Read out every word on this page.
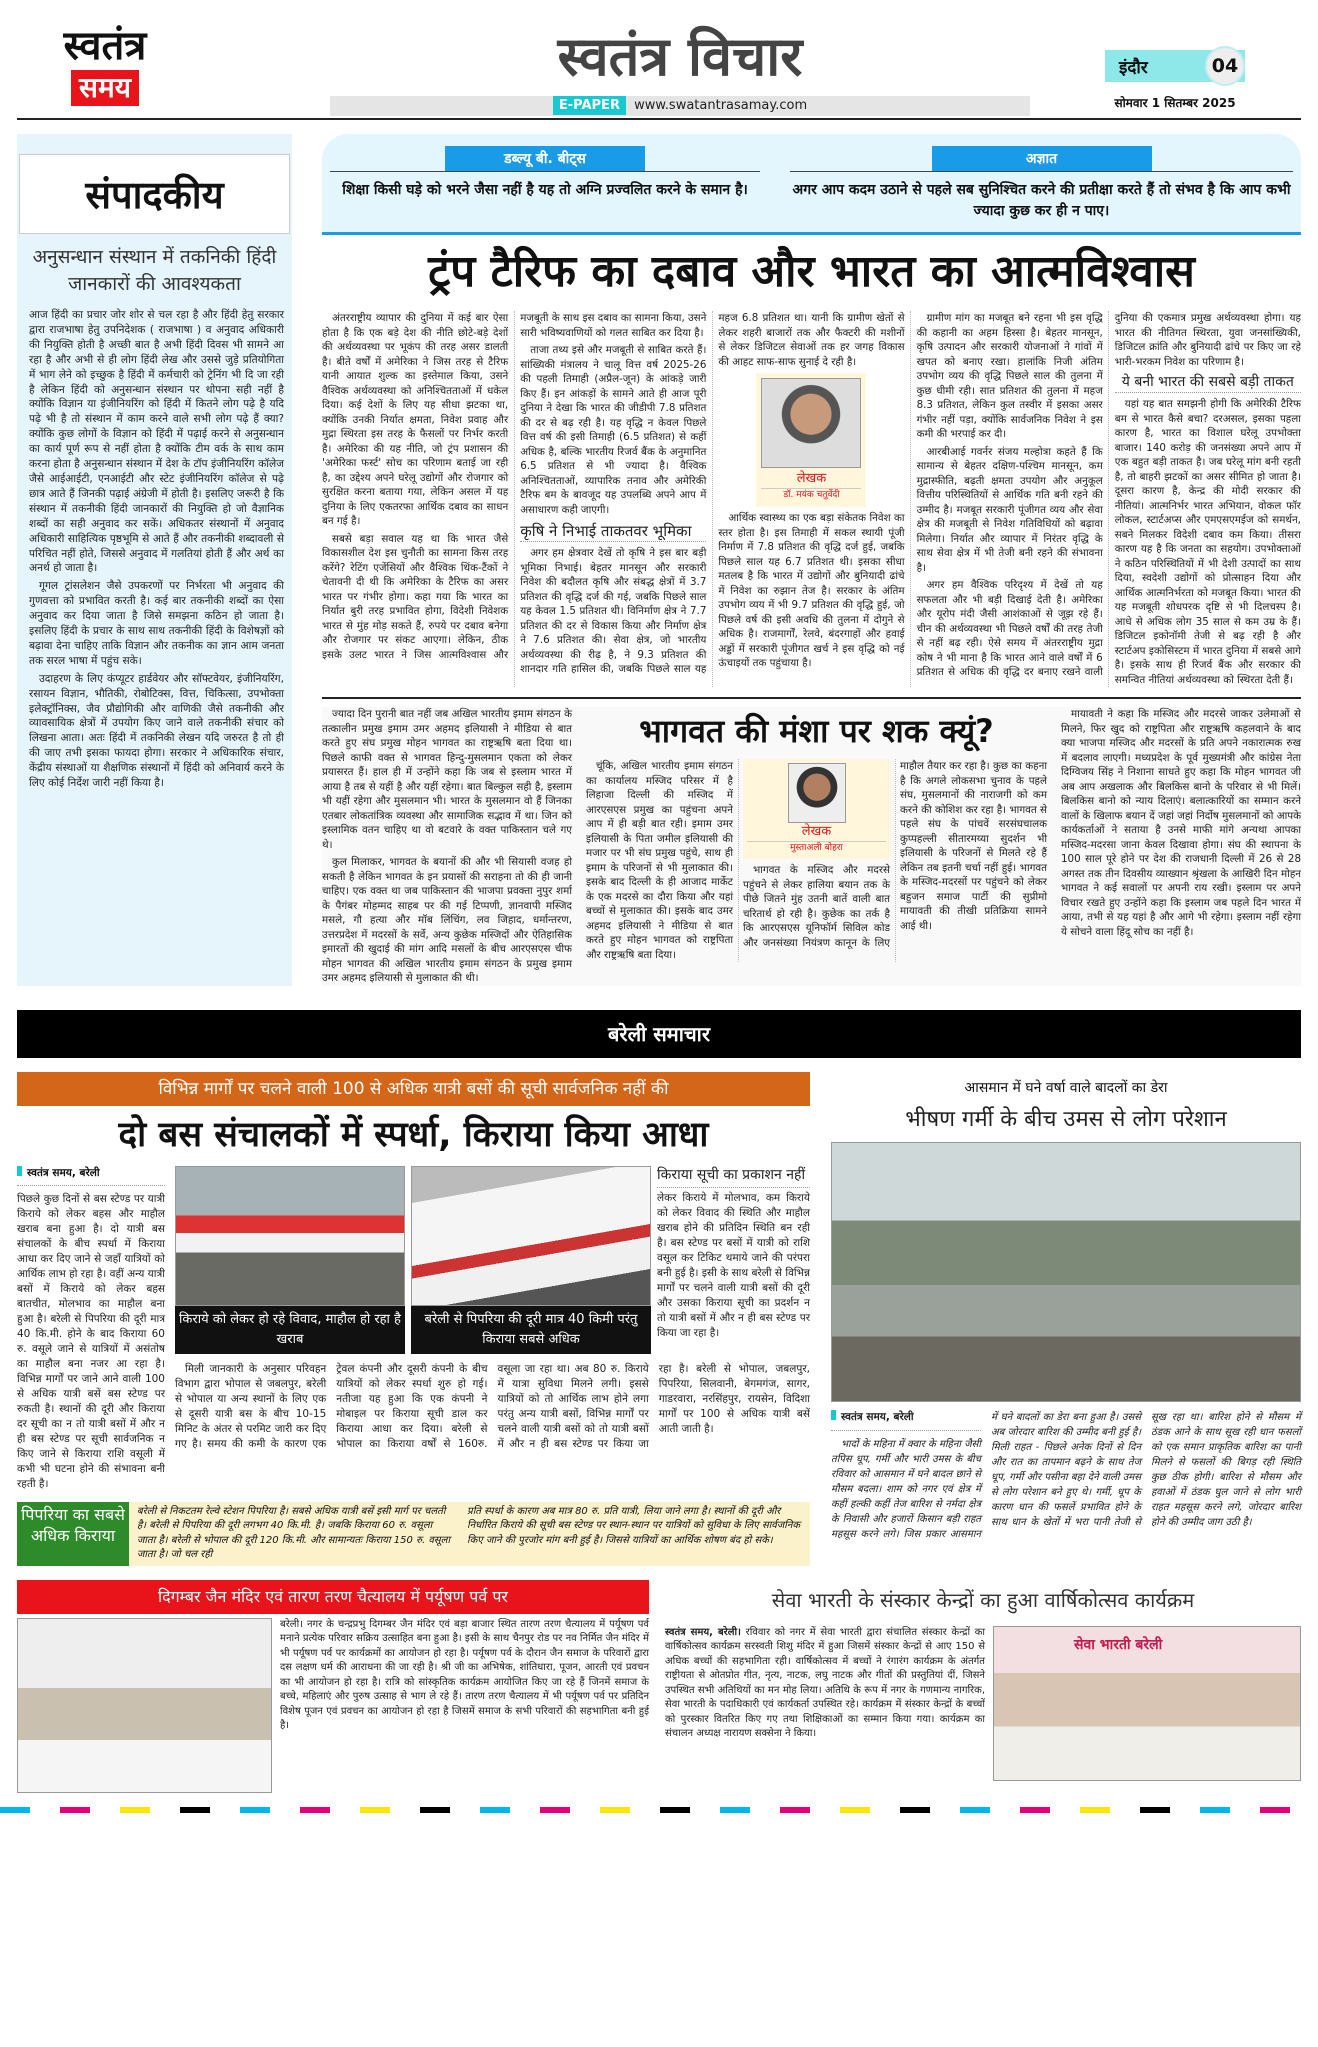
स्वतंत्र
समय	स्वतंत्र विचार
E-PAPER www.swatantrasamay.com
इंदौर	04
सोमवार 1 सितम्बर 2025
संपादकीय
अनुसन्धान संस्थान में तकनिकी हिंदी जानकारों की आवश्यकता

आज हिंदी का प्रचार जोर शोर से चल रहा है और हिंदी हेतु सरकार द्वारा राजभाषा हेतु उपनिदेशक ( राजभाषा ) व अनुवाद अधिकारी की नियुक्ति होती है अच्छी बात है अभी हिंदी दिवस भी सामने आ रहा है और अभी से ही लोग हिंदी लेख और उससे जुड़े प्रतियोगिता में भाग लेने को इच्छुक है हिंदी में कर्मचारी को ट्रेनिंग भी दि जा रही है लेकिन हिंदी को अनुसन्धान संस्थान पर थोपना सही नहीं है क्योंकि विज्ञान या इंजीनियरिंग को हिंदी में कितने लोग पढ़े है यदि पढ़े भी है तो संस्थान में काम करने वाले सभी लोग पढ़े हैं क्या? क्योंकि कुछ लोगों के विज्ञान को हिंदी में पढ़ाई करने से अनुसन्धान का कार्य पूर्ण रूप से नहीं होता है क्योंकि टीम वर्क के साथ काम करना होता है अनुसन्धान संस्थान में देश के टॉप इंजीनियरिंग कॉलेज जैसे आईआईटी, एनआईटी और स्टेट इंजीनियरिंग कॉलेज से पढ़े छात्र आते हैं जिनकी पढ़ाई अंग्रेजी में होती है। इसलिए जरूरी है कि संस्थान में तकनीकी हिंदी जानकारों की नियुक्ति हो जो वैज्ञानिक शब्दों का सही अनुवाद कर सकें। अधिकतर संस्थानों में अनुवाद अधिकारी साहित्यिक पृष्ठभूमि से आते हैं और तकनीकी शब्दावली से परिचित नहीं होते, जिससे अनुवाद में गलतियां होती हैं और अर्थ का अनर्थ हो जाता है।

गूगल ट्रांसलेशन जैसे उपकरणों पर निर्भरता भी अनुवाद की गुणवत्ता को प्रभावित करती है। कई बार तकनीकी शब्दों का ऐसा अनुवाद कर दिया जाता है जिसे समझना कठिन हो जाता है। इसलिए हिंदी के प्रचार के साथ साथ तकनीकी हिंदी के विशेषज्ञों को बढ़ावा देना चाहिए ताकि विज्ञान और तकनीक का ज्ञान आम जनता तक सरल भाषा में पहुंच सके।

उदाहरण के लिए कंप्यूटर हार्डवेयर और सॉफ्टवेयर, इंजीनियरिंग, रसायन विज्ञान, भौतिकी, रोबोटिक्स, वित्त, चिकित्सा, उपभोक्ता इलेक्ट्रॉनिक्स, जैव प्रौद्योगिकी और वाणिकी जैसे तकनीकी और व्यावसायिक क्षेत्रों में उपयोग किए जाने वाले तकनीकी संचार को लिखना आता। अतः हिंदी में तकनिकी लेखन यदि जरुरत है तो ही की जाए तभी इसका फायदा होगा। सरकार ने अधिकारिक संचार, केंद्रीय संस्थाओं या शैक्षणिक संस्थानों में हिंदी को अनिवार्य करने के लिए कोई निर्देश जारी नहीं किया है।

डब्ल्यू बी. बीट्स
शिक्षा किसी घड़े को भरने जैसा नहीं है यह तो अग्नि प्रज्वलित करने के समान है।
अज्ञात
अगर आप कदम उठाने से पहले सब सुनिश्चित करने की प्रतीक्षा करते हैं तो संभव है कि आप कभी ज्यादा कुछ कर ही न पाए।
ट्रंप टैरिफ का दबाव और भारत का आत्मविश्वास

अंतरराष्ट्रीय व्यापार की दुनिया में कई बार ऐसा होता है कि एक बड़े देश की नीति छोटे-बड़े देशों की अर्थव्यवस्था पर भूकंप की तरह असर डालती है। बीते वर्षों में अमेरिका ने जिस तरह से टैरिफ यानी आयात शुल्क का इस्तेमाल किया, उसने वैश्विक अर्थव्यवस्था को अनिश्चितताओं में धकेल दिया। कई देशों के लिए यह सीधा झटका था, क्योंकि उनकी निर्यात क्षमता, निवेश प्रवाह और मुद्रा स्थिरता इस तरह के फैसलों पर निर्भर करती है। अमेरिका की यह नीति, जो ट्रंप प्रशासन की 'अमेरिका फर्स्ट' सोच का परिणाम बताई जा रही है, का उद्देश्य अपने घरेलू उद्योगों और रोजगार को सुरक्षित करना बताया गया, लेकिन असल में यह दुनिया के लिए एकतरफा आर्थिक दबाव का साधन बन गई है।

सबसे बड़ा सवाल यह था कि भारत जैसे विकासशील देश इस चुनौती का सामना किस तरह करेंगे? रेटिंग एजेंसियों और वैश्विक थिंक-टैंकों ने चेतावनी दी थी कि अमेरिका के टैरिफ का असर भारत पर गंभीर होगा। कहा गया कि भारत का निर्यात बुरी तरह प्रभावित होगा, विदेशी निवेशक भारत से मुंह मोड़ सकते हैं, रुपये पर दबाव बनेगा और रोजगार पर संकट आएगा। लेकिन, ठीक इसके उलट भारत ने जिस आत्मविश्वास और मजबूती के साथ इस दबाव का सामना किया, उसने सारी भविष्यवाणियों को गलत साबित कर दिया है।

ताजा तथ्य इसे और मजबूती से साबित करते हैं। सांख्यिकी मंत्रालय ने चालू वित्त वर्ष 2025-26 की पहली तिमाही (अप्रैल-जून) के आंकड़े जारी किए हैं। इन आंकड़ों के सामने आते ही आज पूरी दुनिया ने देखा कि भारत की जीडीपी 7.8 प्रतिशत की दर से बढ़ रही है। यह वृद्धि न केवल पिछले वित्त वर्ष की इसी तिमाही (6.5 प्रतिशत) से कहीं अधिक है, बल्कि भारतीय रिजर्व बैंक के अनुमानित 6.5 प्रतिशत से भी ज्यादा है। वैश्विक अनिश्चितताओं, व्यापारिक तनाव और अमेरिकी टैरिफ बम के बावजूद यह उपलब्धि अपने आप में असाधारण कही जाएगी।

कृषि ने निभाई ताकतवर भूमिका

अगर हम क्षेत्रवार देखें तो कृषि ने इस बार बड़ी भूमिका निभाई। बेहतर मानसून और सरकारी निवेश की बदौलत कृषि और संबद्ध क्षेत्रों में 3.7 प्रतिशत की वृद्धि दर्ज की गई, जबकि पिछले साल यह केवल 1.5 प्रतिशत थी। विनिर्माण क्षेत्र ने 7.7 प्रतिशत की दर से विकास किया और निर्माण क्षेत्र ने 7.6 प्रतिशत की। सेवा क्षेत्र, जो भारतीय अर्थव्यवस्था की रीढ़ है, ने 9.3 प्रतिशत की शानदार गति हासिल की, जबकि पिछले साल यह महज 6.8 प्रतिशत था। यानी कि ग्रामीण खेतों से लेकर शहरी बाजारों तक और फैक्टरी की मशीनों से लेकर डिजिटल सेवाओं तक हर जगह विकास की आहट साफ-साफ सुनाई दे रही है।

लेखक
डॉ. मयंक चतुर्वेदी

आर्थिक स्वास्थ्य का एक बड़ा संकेतक निवेश का स्तर होता है। इस तिमाही में सकल स्थायी पूंजी निर्माण में 7.8 प्रतिशत की वृद्धि दर्ज हुई, जबकि पिछले साल यह 6.7 प्रतिशत थी। इसका सीधा मतलब है कि भारत में उद्योगों और बुनियादी ढांचे में निवेश का रुझान तेज है। सरकार के अंतिम उपभोग व्यय में भी 9.7 प्रतिशत की वृद्धि हुई, जो पिछले वर्ष की इसी अवधि की तुलना में दोगुने से अधिक है। राजमार्गों, रेलवे, बंदरगाहों और हवाई अड्डों में सरकारी पूंजीगत खर्च ने इस वृद्धि को नई ऊंचाइयों तक पहुंचाया है।

ग्रामीण मांग का मजबूत बने रहना भी इस वृद्धि की कहानी का अहम हिस्सा है। बेहतर मानसून, कृषि उत्पादन और सरकारी योजनाओं ने गांवों में खपत को बनाए रखा। हालांकि निजी अंतिम उपभोग व्यय की वृद्धि पिछले साल की तुलना में कुछ धीमी रही। सात प्रतिशत की तुलना में महज 8.3 प्रतिशत, लेकिन कुल तस्वीर में इसका असर गंभीर नहीं पड़ा, क्योंकि सार्वजनिक निवेश ने इस कमी की भरपाई कर दी।

आरबीआई गवर्नर संजय मल्होत्रा कहते हैं कि सामान्य से बेहतर दक्षिण-पश्चिम मानसून, कम मुद्रास्फीति, बढ़ती क्षमता उपयोग और अनुकूल वित्तीय परिस्थितियों से आर्थिक गति बनी रहने की उम्मीद है। मजबूत सरकारी पूंजीगत व्यय और सेवा क्षेत्र की मजबूती से निवेश गतिविधियों को बढ़ावा मिलेगा। निर्यात और व्यापार में निरंतर वृद्धि के साथ सेवा क्षेत्र में भी तेजी बनी रहने की संभावना है।

अगर हम वैश्विक परिदृश्य में देखें तो यह सफलता और भी बड़ी दिखाई देती है। अमेरिका और यूरोप मंदी जैसी आशंकाओं से जूझ रहे हैं। चीन की अर्थव्यवस्था भी पिछले वर्षों की तरह तेजी से नहीं बढ़ रही। ऐसे समय में अंतरराष्ट्रीय मुद्रा कोष ने भी माना है कि भारत आने वाले वर्षों में 6 प्रतिशत से अधिक की वृद्धि दर बनाए रखने वाली दुनिया की एकमात्र प्रमुख अर्थव्यवस्था होगा। यह भारत की नीतिगत स्थिरता, युवा जनसांख्यिकी, डिजिटल क्रांति और बुनियादी ढांचे पर किए जा रहे भारी-भरकम निवेश का परिणाम है।

ये बनी भारत की सबसे बड़ी ताकत

यहां यह बात समझनी होगी कि अमेरिकी टैरिफ बम से भारत कैसे बचा? दरअसल, इसका पहला कारण है, भारत का विशाल घरेलू उपभोक्ता बाजार। 140 करोड़ की जनसंख्या अपने आप में एक बहुत बड़ी ताकत है। जब घरेलू मांग बनी रहती है, तो बाहरी झटकों का असर सीमित हो जाता है। दूसरा कारण है, केन्द्र की मोदी सरकार की नीतियां। आत्मनिर्भर भारत अभियान, वोकल फॉर लोकल, स्टार्टअप्स और एमएसएमईज को समर्थन, सबने मिलकर विदेशी दबाव कम किया। तीसरा कारण यह है कि जनता का सहयोग। उपभोक्ताओं ने कठिन परिस्थितियों में भी देशी उत्पादों का साथ दिया, स्वदेशी उद्योगों को प्रोत्साहन दिया और आर्थिक आत्मनिर्भरता को मजबूत किया। भारत की यह मजबूती शोधपरक दृष्टि से भी दिलचस्प है। आधे से अधिक लोग 35 साल से कम उम्र के हैं। डिजिटल इकोनॉमी तेजी से बढ़ रही है और स्टार्टअप इकोसिस्टम में भारत दुनिया में सबसे आगे है। इसके साथ ही रिजर्व बैंक और सरकार की समन्वित नीतियां अर्थव्यवस्था को स्थिरता देती हैं।

ज्यादा दिन पुरानी बात नहीं जब अखिल भारतीय इमाम संगठन के तत्कालीन प्रमुख इमाम उमर अहमद इलियासी ने मीडिया से बात करते हुए संघ प्रमुख मोहन भागवत का राष्ट्रऋषि बता दिया था। पिछले काफी वक्त से भागवत हिन्दु-मुसलमान एकता को लेकर प्रयासरत हैं। हाल ही में उन्होंने कहा कि जब से इस्लाम भारत में आया है तब से यहीं है और यहीं रहेगा। बात बिल्कुल सही है, इस्लाम भी यहीं रहेगा और मुसलमान भी। भारत के मुसलमान वो हैं जिनका एतबार लोकतांत्रिक व्यवस्था और सामाजिक सद्भाव में था। जिन को इस्लामिक वतन चाहिए था वो बटवारे के वक्त पाकिस्तान चले गए थे।

कुल मिलाकर, भागवत के बयानों की और भी सियासी वजह हो सकती है लेकिन भागवत के इन प्रयासों की सराहना तो की ही जानी चाहिए। एक वक्त था जब पाकिस्तान की भाजपा प्रवक्ता नुपुर शर्मा के पैगंबर मोहम्मद साहब पर की गई टिप्पणी, ज्ञानवापी मस्जिद मसले, गौ हत्या और मॉब लिंचिंग, लव जिहाद, धर्मान्तरण, उत्तरप्रदेश में मदरसों के सर्वे, अन्य कुछेक मस्जिदों और ऐतिहासिक इमारतों की खुदाई की मांग आदि मसलों के बीच आरएसएस चीफ मोहन भागवत की अखिल भारतीय इमाम संगठन के प्रमुख इमाम उमर अहमद इलियासी से मुलाकात की थी।

भागवत की मंशा पर शक क्यूं?

चूंकि, अखिल भारतीय इमाम संगठन का कार्यालय मस्जिद परिसर में है लिहाजा दिल्ली की मस्जिद में आरएसएस प्रमुख का पहुंचना अपने आप में ही बड़ी बात रही। इमाम उमर इलियासी के पिता जमील इलियासी की मजार पर भी संघ प्रमुख पहुंचे, साथ ही इमाम के परिजनों से भी मुलाकात की। इसके बाद दिल्ली के ही आजाद मार्केट के एक मदरसे का दौरा किया और यहां बच्चों से मुलाकात की। इसके बाद उमर अहमद इलियासी ने मीडिया से बात करते हुए मोहन भागवत को राष्ट्रपिता और राष्ट्रऋषि बता दिया।

लेखक
मुस्ताअली बोहरा

भागवत के मस्जिद और मदरसे पहुंचने से लेकर हालिया बयान तक के पीछे जितने मुंह उतनी बातें वाली बात चरितार्थ हो रही है। कुछेक का तर्क है कि आरएसएस यूनिफॉर्म सिविल कोड और जनसंख्या नियंत्रण कानून के लिए माहौल तैयार कर रहा है। कुछ का कहना है कि अगले लोकसभा चुनाव के पहले संघ, मुसलमानों की नाराजगी को कम करने की कोशिश कर रहा है। भागवत से पहले संघ के पांचवें सरसंघचालक कुप्पहल्ली सीतारमय्या सुदर्शन भी इलियासी के परिजनों से मिलते रहे हैं लेकिन तब इतनी चर्चा नहीं हुई। भागवत के मस्जिद-मदरसों पर पहुंचने को लेकर बहुजन समाज पार्टी की सुप्रीमो मायावती की तीखी प्रतिक्रिया सामने आई थी।

मायावती ने कहा कि मस्जिद और मदरसे जाकर उलेमाओं से मिलने, फिर खुद को राष्ट्रपिता और राष्ट्रऋषि कहलवाने के बाद क्या भाजपा मस्जिद और मदरसों के प्रति अपने नकारात्मक रुख में बदलाव लाएगी। मध्यप्रदेश के पूर्व मुख्यमंत्री और कांग्रेस नेता दिग्विजय सिंह ने निशाना साधते हुए कहा कि मोहन भागवत जी अब आप अखलाक और बिलकिस बानो के परिवार से भी मिलें। बिलकिस बानो को न्याय दिलाएं। बलात्कारियों का सम्मान करने वालों के खिलाफ बयान दें जहां जहां निर्दोष मुसलमानों को आपके कार्यकर्ताओं ने सताया है उनसे माफी मांगे अन्यथा आपका मस्जिद-मदरसा जाना केवल दिखावा होगा। संघ की स्थापना के 100 साल पूरे होने पर देश की राजधानी दिल्ली में 26 से 28 अगस्त तक तीन दिवसीय व्याख्यान श्रृंखला के आखिरी दिन मोहन भागवत ने कई सवालों पर अपनी राय रखी। इस्लाम पर अपने विचार रखते हुए उन्होंने कहा कि इस्लाम जब पहले दिन भारत में आया, तभी से यह यहां है और आगे भी रहेगा। इस्लाम नहीं रहेगा ये सोचने वाला हिंदू सोच का नहीं है।

बरेली समाचार
विभिन्न मार्गों पर चलने वाली 100 से अधिक यात्री बसों की सूची सार्वजनिक नहीं की
दो बस संचालकों में स्पर्धा, किराया किया आधा
स्वतंत्र समय, बरेली

पिछले कुछ दिनों से बस स्टेण्ड पर यात्री किराये को लेकर बहस और माहौल खराब बना हुआ है। दो यात्री बस संचालकों के बीच स्पर्धा में किराया आधा कर दिए जाने से जहाँ यात्रियों को आर्थिक लाभ हो रहा है। वहीं अन्य यात्री बसों में किराये को लेकर बहस बातचीत, मोलभाव का माहौल बना हुआ है। बरेली से पिपरिया की दूरी मात्र 40 कि.मी. होने के बाद किराया 60 रु. वसूले जाने से यात्रियों में असंतोष का माहौल बना नजर आ रहा है। विभिन्न मार्गों पर जाने आने वाली 100 से अधिक यात्री बसें बस स्टेण्ड पर रुकती है। स्थानों की दूरी और किराया दर सूची का न तो यात्री बसों में और न ही बस स्टेण्ड पर सूची सार्वजनिक न किए जाने से किराया राशि वसूली में कभी भी घटना होने की संभावना बनी रहती है।

किराये को लेकर हो रहे विवाद, माहौल हो रहा है खराब
बरेली से पिपरिया की दूरी मात्र 40 किमी परंतु किराया सबसे अधिक
किराया सूची का प्रकाशन नहीं

लेकर किराये में मोलभाव, कम किराये को लेकर विवाद की स्थिति और माहौल खराब होने की प्रतिदिन स्थिति बन रही है। बस स्टेण्ड पर बसों में यात्री को राशि वसूल कर टिकिट थमाये जाने की परंपरा बनी हुई है। इसी के साथ बरेली से विभिन्न मार्गों पर चलने वाली यात्री बसों की दूरी और उसका किराया सूची का प्रदर्शन न तो यात्री बसों में और न ही बस स्टेण्ड पर किया जा रहा है।

मिली जानकारी के अनुसार परिवहन विभाग द्वारा भोपाल से जबलपुर, बरेली से भोपाल या अन्य स्थानों के लिए एक से दूसरी यात्री बस के बीच 10-15 मिनिट के अंतर से परमिट जारी कर दिए गए है। समय की कमी के कारण एक ट्रेवल कंपनी और दूसरी कंपनी के बीच यात्रियों को लेकर स्पर्धा शुरु हो गई। नतीजा यह हुआ कि एक कंपनी ने मोबाइल पर किराया सूची डाल कर किराया आधा कर दिया। बरेली से भोपाल का किराया वर्षों से 160रु. वसूला जा रहा था। अब 80 रु. किराये में यात्रा सुविधा मिलने लगी। इससे यात्रियों को तो आर्थिक लाभ होने लगा परंतु अन्य यात्री बसों, विभिन्न मार्गों पर चलने वाली यात्री बसों को तो यात्री बसों में और न ही बस स्टेण्ड पर किया जा रहा है। बरेली से भोपाल, जबलपुर, पिपरिया, सिलवानी, बेगमगंज, सागर, गाडरवारा, नरसिंहपुर, रायसेन, विदिशा मार्गों पर 100 से अधिक यात्री बसें आती जाती है।

पिपरिया का सबसे अधिक किराया
बरेली से निकटतम रेल्वे स्टेशन पिपरिया है। सबसे अधिक यात्री बसें इसी मार्ग पर चलती है। बरेली से पिपरिया की दूरी लगभग 40 कि.मी. है। जबकि किराया 60 रु. वसूला जाता है। बरेली से भोपाल की दूरी 120 कि.मी. और सामान्यतः किराया 150 रु. वसूला जाता है। जो चल रही
प्रति स्पर्धा के कारण अब मात्र 80 रु. प्रति यात्री, लिया जाने लगा है। स्थानों की दूरी और निर्धारित किराये की सूची बस स्टेण्ड पर स्थान-स्थान पर यात्रियों को सुविधा के लिए सार्वजनिक किए जाने की पुरजोर मांग बनी हुई है। जिससे यात्रियों का आर्थिक शोषण बंद हो सके।
आसमान में घने वर्षा वाले बादलों का डेरा
भीषण गर्मी के बीच उमस से लोग परेशान
स्वतंत्र समय, बरेली

भादों के महिना में क्वार के महिना जैसी तपिस धूप, गर्मी और भारी उमस के बीच रविवार को आसमान में घने बादल छाने से मौसम बदला। शाम को नगर एवं क्षेत्र में कहीं हल्की कहीं तेज बारिश से नर्मदा क्षेत्र के निवासी और हजारों किसान बड़ी राहत महसूस करने लगे। जिस प्रकार आसमान में घने बादलों का डेरा बना हुआ है। उससे अब जोरदार बारिश की उम्मीद बनी हुई है। मिली राहत - पिछले अनेक दिनों से दिन और रात का तापमान बढ़ने के साथ तेज धूप, गर्मी और पसीना बहा देने वाली उमस से लोग परेशान बने हुए थे। गर्मी, धूप के कारण धान की फसलें प्रभावित होने के साथ धान के खेतों में भरा पानी तेजी से सूख रहा था। बारिश होने से मौसम में ठंडक आने के साथ सूख रही धान फसलों को एक समान प्राकृतिक बारिश का पानी मिलने से फसलों की बिगड़ रही स्थिति कुछ ठीक होगी। बारिश से मौसम और हवाओं में ठंडक घुल जाने से लोग भारी राहत महसूस करने लगे, जोरदार बारिश होने की उम्मीद जाग उठी है।

दिगम्बर जैन मंदिर एवं तारण तरण चैत्यालय में पर्यूषण पर्व पर
बरेली। नगर के चन्द्रप्रभु दिगम्बर जैन मंदिर एवं बड़ा बाजार स्थित तारण तरण चैत्यालय में पर्यूषण पर्व मनाने प्रत्येक परिवार सक्रिय उत्साहित बना हुआ है। इसी के साथ चैनपुर रोड पर नव निर्मित जैन मंदिर में भी पर्यूषण पर्व पर कार्यक्रमों का आयोजन हो रहा है। पर्यूषण पर्व के दौरान जैन समाज के परिवारों द्वारा दस लक्षण धर्म की आराधना की जा रही है। श्री जी का अभिषेक, शांतिधारा, पूजन, आरती एवं प्रवचन का भी आयोजन हो रहा है। रात्रि को सांस्कृतिक कार्यक्रम आयोजित किए जा रहे हैं जिनमें समाज के बच्चे, महिलाएं और पुरुष उत्साह से भाग ले रहे हैं। तारण तरण चैत्यालय में भी पर्यूषण पर्व पर प्रतिदिन विशेष पूजन एवं प्रवचन का आयोजन हो रहा है जिसमें समाज के सभी परिवारों की सहभागिता बनी हुई है।
सेवा भारती के संस्कार केन्द्रों का हुआ वार्षिकोत्सव कार्यक्रम
स्वतंत्र समय, बरेली। रविवार को नगर में सेवा भारती द्वारा संचालित संस्कार केन्द्रों का वार्षिकोत्सव कार्यक्रम सरस्वती शिशु मंदिर में हुआ जिसमें संस्कार केन्द्रों से आए 150 से अधिक बच्चों की सहभागिता रही। वार्षिकोत्सव में बच्चों ने रंगारंग कार्यक्रम के अंतर्गत राष्ट्रीयता से ओतप्रोत गीत, नृत्य, नाटक, लघु नाटक और गीतों की प्रस्तुतियां दीं, जिसने उपस्थित सभी अतिथियों का मन मोह लिया। अतिथि के रूप में नगर के गणमान्य नागरिक, सेवा भारती के पदाधिकारी एवं कार्यकर्ता उपस्थित रहे। कार्यक्रम में संस्कार केन्द्रों के बच्चों को पुरस्कार वितरित किए गए तथा शिक्षिकाओं का सम्मान किया गया। कार्यक्रम का संचालन अध्यक्ष नारायण सक्सेना ने किया।
सेवा भारती बरेली
